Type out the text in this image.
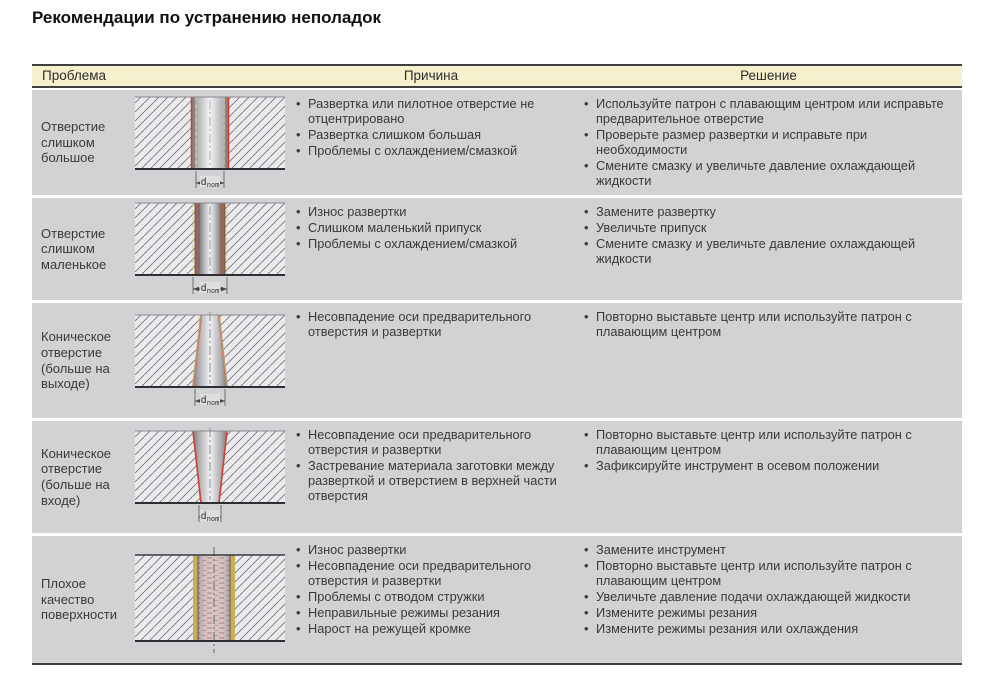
Рекомендации по устранению неполадок
Проблема	Причина	Решение
Отверстие слишком большое
$d_{nom}$
• Развертка или пилотное отверстие не отцентрировано
• Развертка слишком большая
• Проблемы с охлаждением/смазкой
• Используйте патрон с плавающим центром или исправьте предварительное отверстие
• Проверьте размер развертки и исправьте при необходимости
• Смените смазку и увеличьте давление охлаждающей жидкости
Отверстие слишком маленькое
$d_{nom}$
• Износ развертки
• Слишком маленький припуск
• Проблемы с охлаждением/смазкой
• Замените развертку
• Увеличьте припуск
• Смените смазку и увеличьте давление охлаждающей жидкости
Коническое отверстие (больше на выходе)
$d_{nom}$
• Несовпадение оси предварительного отверстия и развертки
• Повторно выставьте центр или используйте патрон с плавающим центром
Коническое отверстие (больше на входе)
$d_{nom}$
• Несовпадение оси предварительного отверстия и развертки
• Застревание материала заготовки между разверткой и отверстием в верхней части отверстия
• Повторно выставьте центр или используйте патрон с плавающим центром
• Зафиксируйте инструмент в осевом положении
Плохое качество поверхности
• Износ развертки
• Несовпадение оси предварительного отверстия и развертки
• Проблемы с отводом стружки
• Неправильные режимы резания
• Нарост на режущей кромке
• Замените инструмент
• Повторно выставьте центр или используйте патрон с плавающим центром
• Увеличьте давление подачи охлаждающей жидкости
• Измените режимы резания
• Измените режимы резания или охлаждения
